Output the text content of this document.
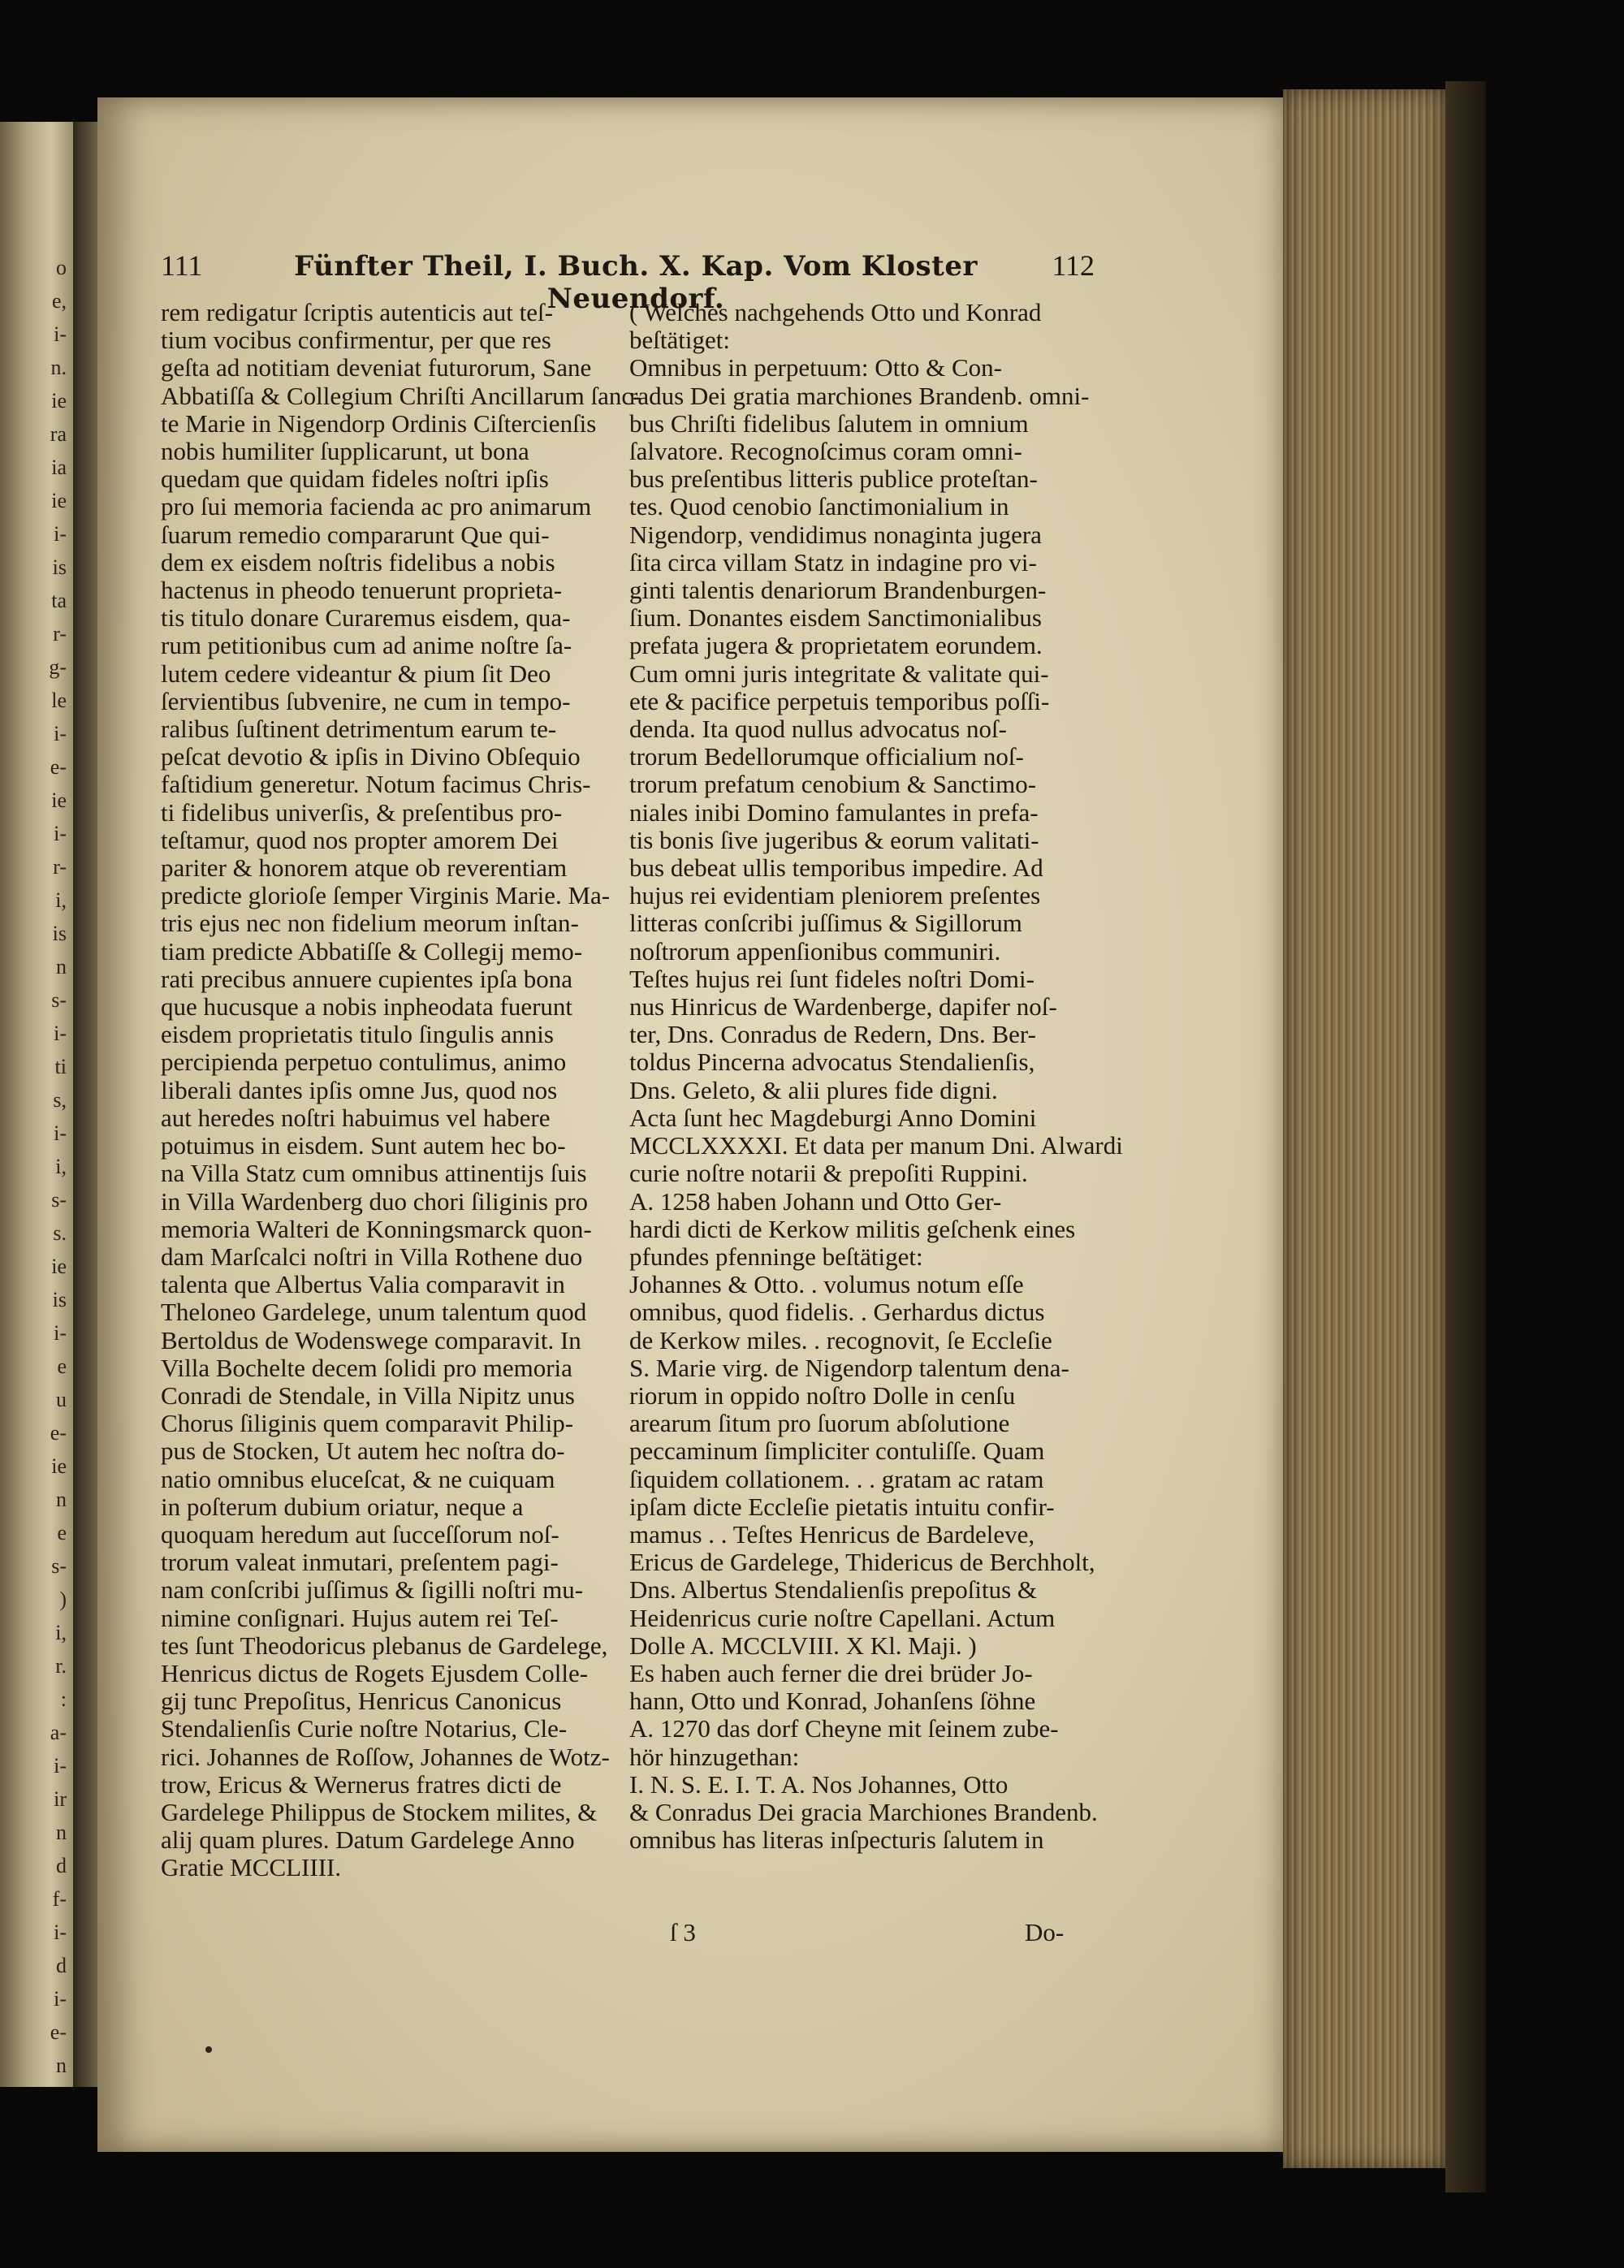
o
e,
i-
n.
ie
ra
ia
ie
i-
is
ta
r-
g-
le
i-
e-
ie
i-
r-
i,
is
n
s-
i-
ti
s,
i-
i,
s-
s.
ie
is
i-
e
u
e-
ie
n
e
s-
)
i,
r.
:
a-
i-
ir
n
d
f-
i-
d
i-
e-
n
111	Fünfter Theil, I. Buch. X. Kap. Vom Kloster Neuendorf.
112
rem redigatur ſcriptis autenticis aut teſ-
tium vocibus confirmentur, per que res
geſta ad notitiam deveniat futurorum, Sane
Abbatiſſa & Collegium Chriſti Ancillarum ſanc-
te Marie in Nigendorp Ordinis Ciſtercienſis
nobis humiliter ſupplicarunt, ut bona
quedam que quidam fideles noſtri ipſis
pro ſui memoria facienda ac pro animarum
ſuarum remedio compararunt Que qui-
dem ex eisdem noſtris fidelibus a nobis
hactenus in pheodo tenuerunt proprieta-
tis titulo donare Curaremus eisdem, qua-
rum petitionibus cum ad anime noſtre ſa-
lutem cedere videantur & pium ſit Deo
ſervientibus ſubvenire, ne cum in tempo-
ralibus ſuſtinent detrimentum earum te-
peſcat devotio & ipſis in Divino Obſequio
faſtidium generetur. Notum facimus Chris-
ti fidelibus univerſis, & preſentibus pro-
teſtamur, quod nos propter amorem Dei
pariter & honorem atque ob reverentiam
predicte glorioſe ſemper Virginis Marie. Ma-
tris ejus nec non fidelium meorum inſtan-
tiam predicte Abbatiſſe & Collegij memo-
rati precibus annuere cupientes ipſa bona
que hucusque a nobis inpheodata fuerunt
eisdem proprietatis titulo ſingulis annis
percipienda perpetuo contulimus, animo
liberali dantes ipſis omne Jus, quod nos
aut heredes noſtri habuimus vel habere
potuimus in eisdem. Sunt autem hec bo-
na Villa Statz cum omnibus attinentijs ſuis
in Villa Wardenberg duo chori ſiliginis pro
memoria Walteri de Konningsmarck quon-
dam Marſcalci noſtri in Villa Rothene duo
talenta que Albertus Valia comparavit in
Theloneo Gardelege, unum talentum quod
Bertoldus de Wodenswege comparavit. In
Villa Bochelte decem ſolidi pro memoria
Conradi de Stendale, in Villa Nipitz unus
Chorus ſiliginis quem comparavit Philip-
pus de Stocken, Ut autem hec noſtra do-
natio omnibus eluceſcat, & ne cuiquam
in poſterum dubium oriatur, neque a
quoquam heredum aut ſucceſſorum noſ-
trorum valeat inmutari, preſentem pagi-
nam conſcribi juſſimus & ſigilli noſtri mu-
nimine conſignari. Hujus autem rei Teſ-
tes ſunt Theodoricus plebanus de Gardelege,
Henricus dictus de Rogets Ejusdem Colle-
gij tunc Prepoſitus, Henricus Canonicus
Stendalienſis Curie noſtre Notarius, Cle-
rici. Johannes de Roſſow, Johannes de Wotz-
trow, Ericus & Wernerus fratres dicti de
Gardelege Philippus de Stockem milites, &
alij quam plures. Datum Gardelege Anno
Gratie MCCLIIII.
( Welches nachgehends Otto und Konrad
beſtätiget:
Omnibus in perpetuum: Otto & Con-
radus Dei gratia marchiones Brandenb. omni-
bus Chriſti fidelibus ſalutem in omnium
ſalvatore. Recognoſcimus coram omni-
bus preſentibus litteris publice proteſtan-
tes. Quod cenobio ſanctimonialium in
Nigendorp, vendidimus nonaginta jugera
ſita circa villam Statz in indagine pro vi-
ginti talentis denariorum Brandenburgen-
ſium. Donantes eisdem Sanctimonialibus
prefata jugera & proprietatem eorundem.
Cum omni juris integritate & valitate qui-
ete & pacifice perpetuis temporibus poſſi-
denda. Ita quod nullus advocatus noſ-
trorum Bedellorumque officialium noſ-
trorum prefatum cenobium & Sanctimo-
niales inibi Domino famulantes in prefa-
tis bonis ſive jugeribus & eorum valitati-
bus debeat ullis temporibus impedire. Ad
hujus rei evidentiam pleniorem preſentes
litteras conſcribi juſſimus & Sigillorum
noſtrorum appenſionibus communiri.
Teſtes hujus rei ſunt fideles noſtri Domi-
nus Hinricus de Wardenberge, dapifer noſ-
ter, Dns. Conradus de Redern, Dns. Ber-
toldus Pincerna advocatus Stendalienſis,
Dns. Geleto, & alii plures fide digni.
Acta ſunt hec Magdeburgi Anno Domini
MCCLXXXXI. Et data per manum Dni. Alwardi
curie noſtre notarii & prepoſiti Ruppini.
A. 1258 haben Johann und Otto Ger-
hardi dicti de Kerkow militis geſchenk eines
pfundes pfenninge beſtätiget:
Johannes & Otto. . volumus notum eſſe
omnibus, quod fidelis. . Gerhardus dictus
de Kerkow miles. . recognovit, ſe Eccleſie
S. Marie virg. de Nigendorp talentum dena-
riorum in oppido noſtro Dolle in cenſu
arearum ſitum pro ſuorum abſolutione
peccaminum ſimpliciter contuliſſe. Quam
ſiquidem collationem. . . gratam ac ratam
ipſam dicte Eccleſie pietatis intuitu confir-
mamus . . Teſtes Henricus de Bardeleve,
Ericus de Gardelege, Thidericus de Berchholt,
Dns. Albertus Stendalienſis prepoſitus &
Heidenricus curie noſtre Capellani. Actum
Dolle A. MCCLVIII. X Kl. Maji. )
Es haben auch ferner die drei brüder Jo-
hann, Otto und Konrad, Johanſens ſöhne
A. 1270 das dorf Cheyne mit ſeinem zube-
hör hinzugethan:
I. N. S. E. I. T. A. Nos Johannes, Otto
& Conradus Dei gracia Marchiones Brandenb.
omnibus has literas inſpecturis ſalutem in
ſ 3	Do-
